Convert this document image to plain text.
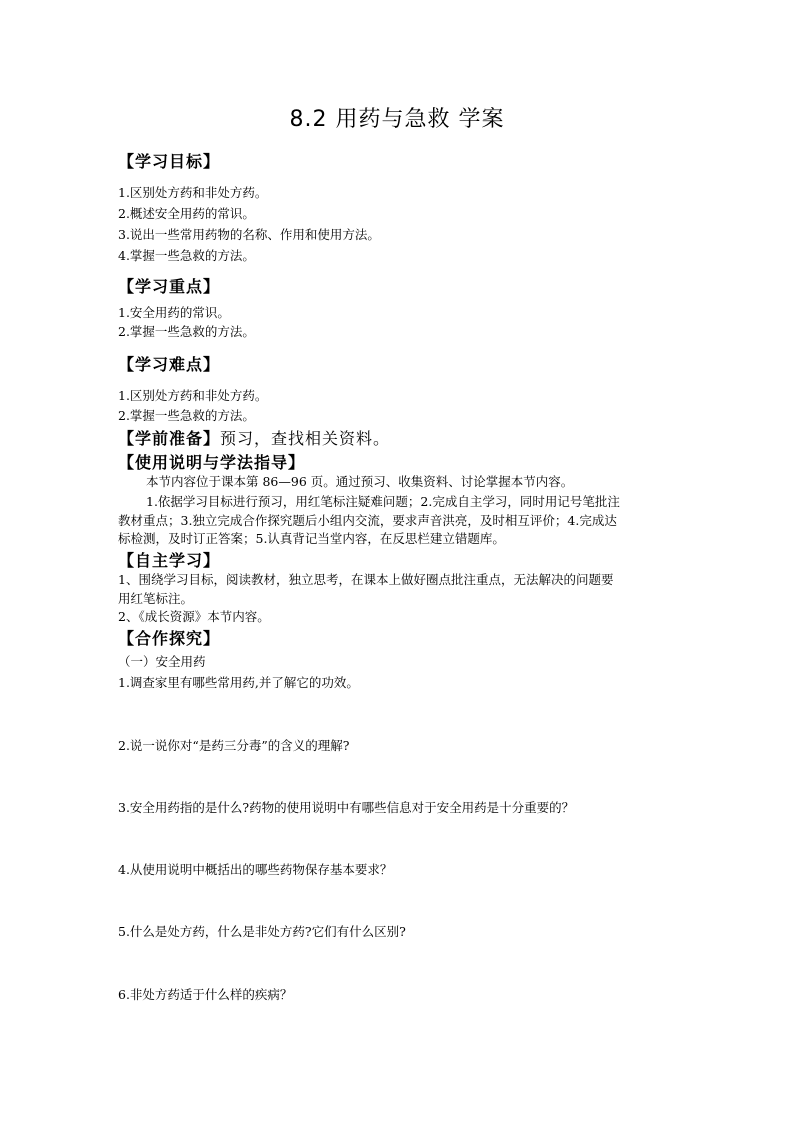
8.2 用药与急救 学案
【学习目标】
1.区别处方药和非处方药。
2.概述安全用药的常识。
3.说出一些常用药物的名称、作用和使用方法。
4.掌握一些急救的方法。
【学习重点】
1.安全用药的常识。
2.掌握一些急救的方法。
【学习难点】
1.区别处方药和非处方药。
2.掌握一些急救的方法。
【学前准备】预习，查找相关资料。
【使用说明与学法指导】
本节内容位于课本第 86—96 页。通过预习、收集资料、讨论掌握本节内容。
1.依据学习目标进行预习，用红笔标注疑难问题；2.完成自主学习，同时用记号笔批注
教材重点；3.独立完成合作探究题后小组内交流，要求声音洪亮，及时相互评价；4.完成达
标检测，及时订正答案；5.认真背记当堂内容，在反思栏建立错题库。
【自主学习】
1、围绕学习目标，阅读教材，独立思考，在课本上做好圈点批注重点，无法解决的问题要
用红笔标注。
2、《成长资源》本节内容。
【合作探究】
（一）安全用药
1.调查家里有哪些常用药,并了解它的功效。
2.说一说你对“是药三分毒”的含义的理解?
3.安全用药指的是什么?药物的使用说明中有哪些信息对于安全用药是十分重要的？
4.从使用说明中概括出的哪些药物保存基本要求？
5.什么是处方药，什么是非处方药?它们有什么区别?
6.非处方药适于什么样的疾病？
